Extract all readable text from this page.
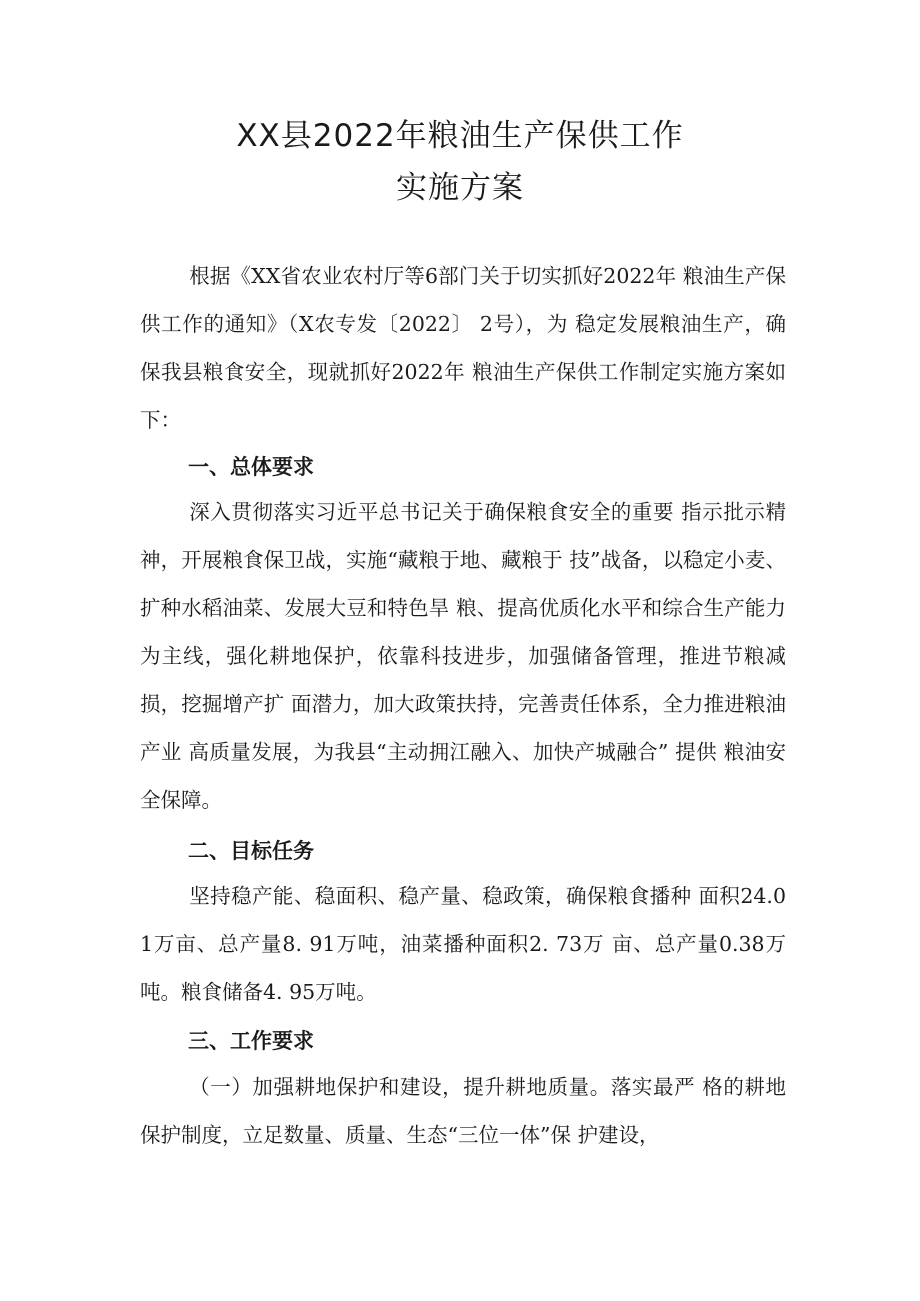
XX县2022年粮油生产保供工作
实施方案

根据《XX省农业农村厅等6部门关于切实抓好2022年 粮油生产保供工作的通知》（X农专发〔2022〕 2号），为 稳定发展粮油生产，确保我县粮食安全，现就抓好2022年 粮油生产保供工作制定实施方案如下：

一、总体要求

深入贯彻落实习近平总书记关于确保粮食安全的重要 指示批示精神，开展粮食保卫战，实施“藏粮于地、藏粮于 技”战备，以稳定小麦、扩种水稻油菜、发展大豆和特色旱 粮、提高优质化水平和综合生产能力为主线，强化耕地保护，依靠科技进步，加强储备管理，推进节粮减损，挖掘增产扩 面潜力，加大政策扶持，完善责任体系，全力推进粮油产业 高质量发展，为我县“主动拥江融入、加快产城融合” 提供 粮油安全保障。

二、目标任务

坚持稳产能、稳面积、稳产量、稳政策，确保粮食播种 面积24.01万亩、总产量8. 91万吨，油菜播种面积2. 73万 亩、总产量0.38万吨。粮食储备4. 95万吨。

三、工作要求

（一）加强耕地保护和建设，提升耕地质量。落实最严 格的耕地保护制度，立足数量、质量、生态“三位一体”保 护建设，
